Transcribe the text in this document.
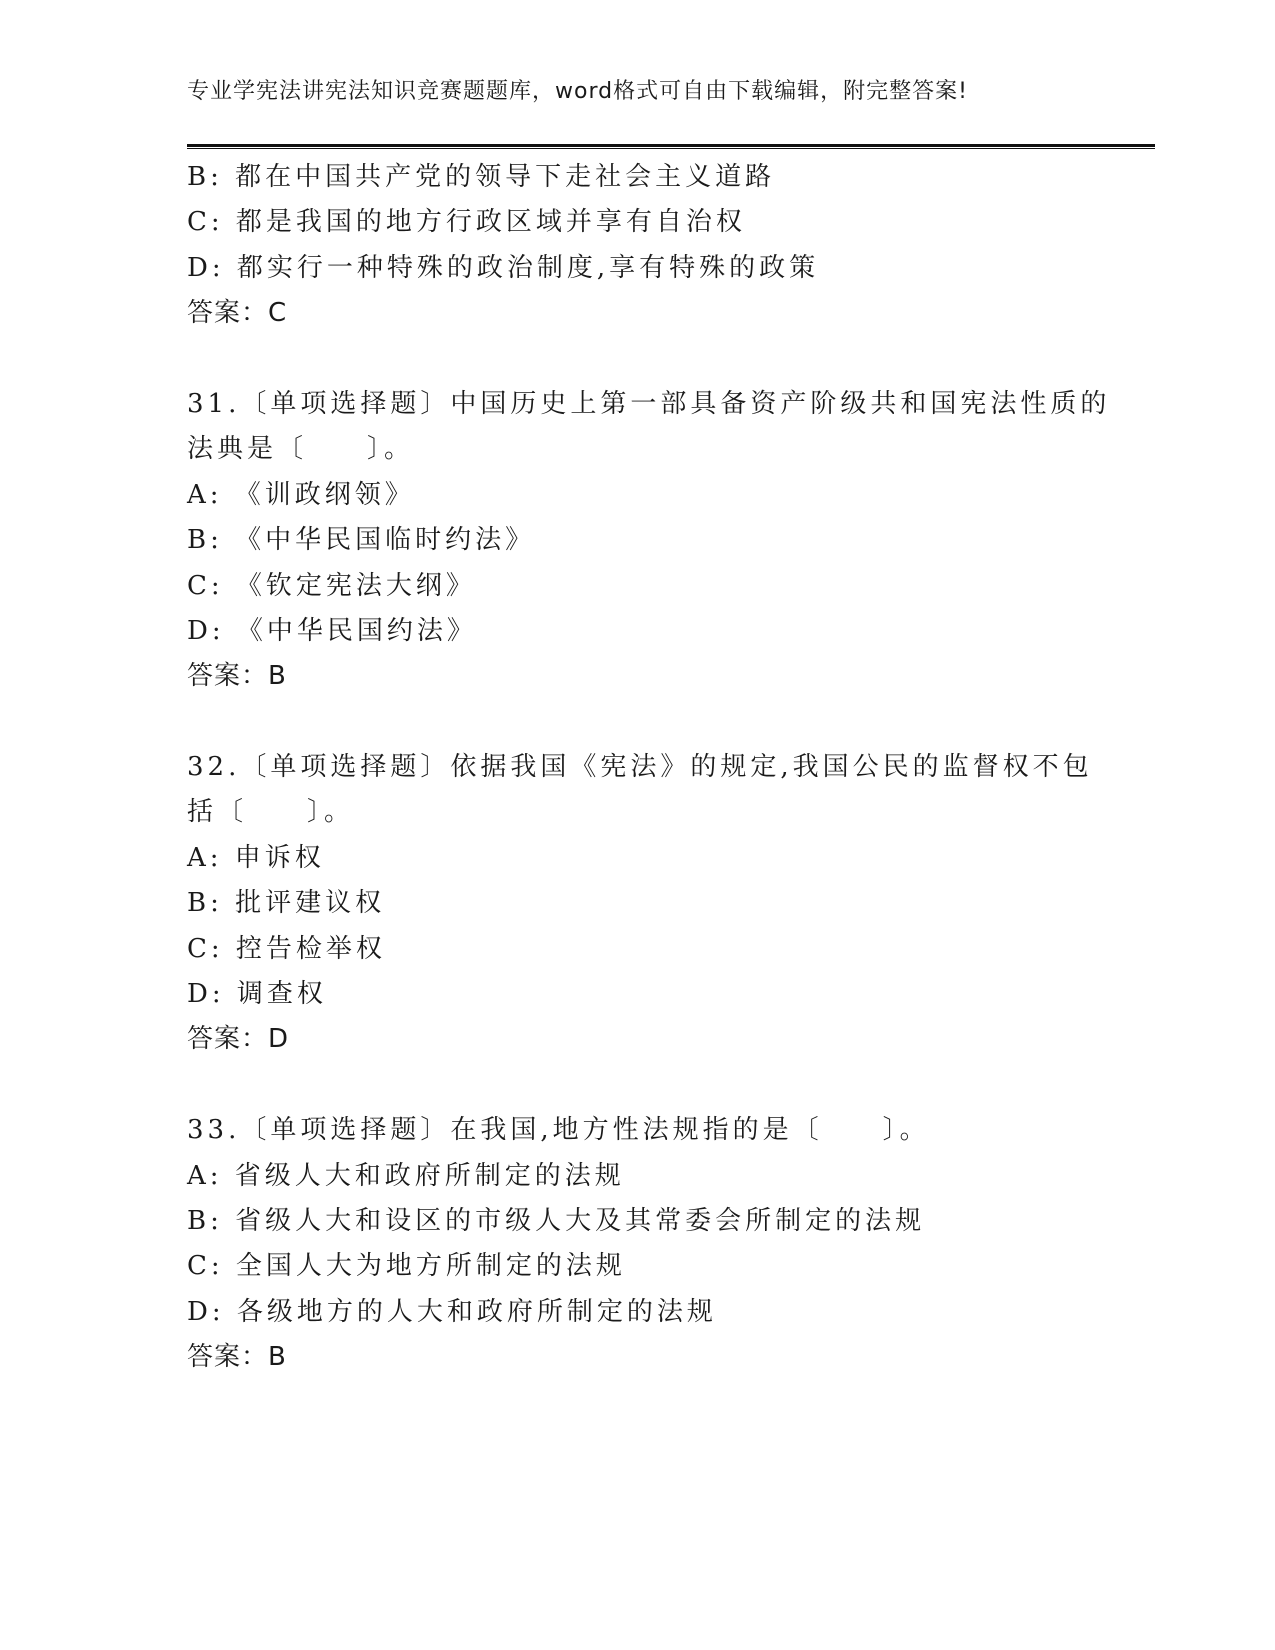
专业学宪法讲宪法知识竞赛题题库，word格式可自由下载编辑，附完整答案!
B: 都在中国共产党的领导下走社会主义道路
C: 都是我国的地方行政区域并享有自治权
D: 都实行一种特殊的政治制度,享有特殊的政策
答案：C
31.〔单项选择题〕中国历史上第一部具备资产阶级共和国宪法性质的
法典是〔　　〕。
A: 《训政纲领》
B: 《中华民国临时约法》
C: 《钦定宪法大纲》
D: 《中华民国约法》
答案：B
32.〔单项选择题〕依据我国《宪法》的规定,我国公民的监督权不包
括〔　　〕。
A: 申诉权
B: 批评建议权
C: 控告检举权
D: 调查权
答案：D
33.〔单项选择题〕在我国,地方性法规指的是〔　　〕。
A: 省级人大和政府所制定的法规
B: 省级人大和设区的市级人大及其常委会所制定的法规
C: 全国人大为地方所制定的法规
D: 各级地方的人大和政府所制定的法规
答案：B
